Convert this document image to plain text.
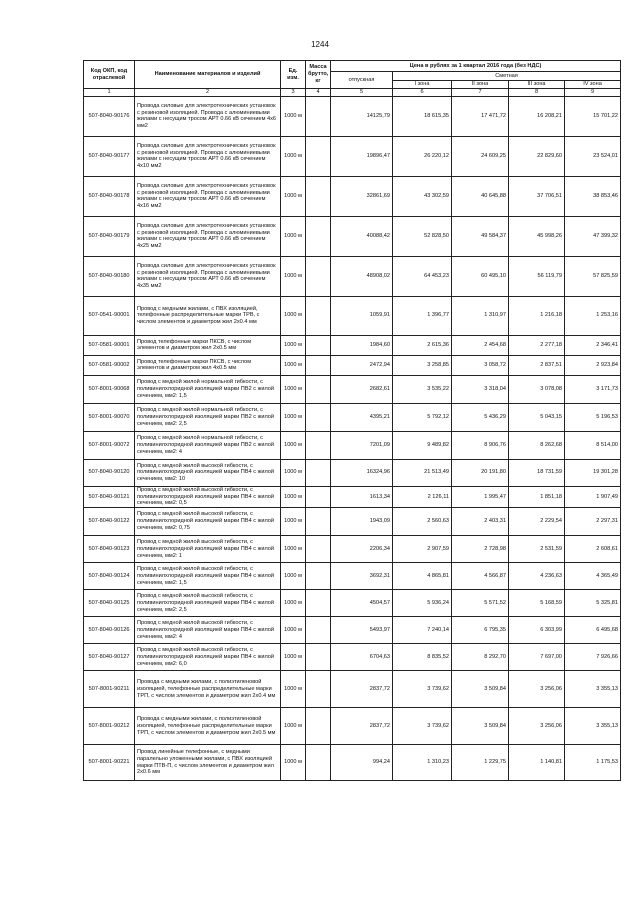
1244
Код ОКП, код отраслевой	Наименование материалов и изделий	Ед. изм.	Масса брутто, кг	Цена в рублях за 1 квартал 2016 года (без НДС)				
				отпускная	Сметная			
					I зона	II зона	III зона	IV зона
1	2	3	4	5	6	7	8	9
507-8040-90176	Провода силовые для электротехнических установок с резиновой изоляцией. Провода с алюминиевыми жилами с несущим тросом АРТ 0.66 кВ сечением 4х6 мм2	1000 м		14125,79	18 615,35	17 471,72	16 208,21	15 701,22
507-8040-90177	Провода силовые для электротехнических установок с резиновой изоляцией. Провода с алюминиевыми жилами с несущим тросом АРТ 0.66 кВ сечением 4х10 мм2	1000 м		19896,47	26 220,12	24 609,25	22 829,60	23 524,01
507-8040-90178	Провода силовые для электротехнических установок с резиновой изоляцией. Провода с алюминиевыми жилами с несущим тросом АРТ 0.66 кВ сечением 4х16 мм2	1000 м		32861,69	43 302,59	40 645,88	37 706,51	38 853,46
507-8040-90179	Провода силовые для электротехнических установок с резиновой изоляцией. Провода с алюминиевыми жилами с несущим тросом АРТ 0.66 кВ сечением 4х25 мм2	1000 м		40088,42	52 828,50	49 584,37	45 998,26	47 399,32
507-8040-90180	Провода силовые для электротехнических установок с резиновой изоляцией. Провода с алюминиевыми жилами с несущим тросом АРТ 0.66 кВ сечением 4х35 мм2	1000 м		48908,02	64 453,23	60 495,10	56 119,79	57 825,59
507-0541-90001	Провод с медными жилами, с ПВХ изоляцией, телефонные распределительные марки ТРВ, с числом элементов и диаметром жил 2х0.4 мм	1000 м		1059,91	1 396,77	1 310,97	1 216,18	1 253,16
507-0581-90001	Провод телефонные марки ПКСВ, с числом элементов и диаметром жил 2х0.5 мм	1000 м		1984,60	2 615,36	2 454,68	2 277,18	2 346,41
507-0581-90002	Провод телефонные марки ПКСВ, с числом элементов и диаметром жил 4х0.5 мм	1000 м		2472,94	3 258,85	3 058,72	2 837,51	2 923,84
507-8001-90068	Провод с медной жилой нормальной гибкости, с поливинилхлоридной изоляцией марки ПВ2 с жилой сечением, мм2: 1,5	1000 м		2682,61	3 535,22	3 318,04	3 078,08	3 171,73
507-8001-90070	Провод с медной жилой нормальной гибкости, с поливинилхлоридной изоляцией марки ПВ2 с жилой сечением, мм2: 2,5	1000 м		4395,21	5 792,12	5 436,29	5 043,15	5 196,53
507-8001-90072	Провод с медной жилой нормальной гибкости, с поливинилхлоридной изоляцией марки ПВ2 с жилой сечением, мм2: 4	1000 м		7201,09	9 489,82	8 906,76	8 262,68	8 514,00
507-8040-90120	Провод с медной жилой высокой гибкости, с поливинилхлоридной изоляцией марки ПВ4 с жилой сечением, мм2: 10	1000 м		16324,96	21 513,49	20 191,80	18 731,59	19 301,28
507-8040-90121	Провод с медной жилой высокой гибкости, с поливинилхлоридной изоляцией марки ПВ4 с жилой сечением, мм2: 0,5	1000 м		1613,34	2 126,11	1 995,47	1 851,18	1 907,49
507-8040-90122	Провод с медной жилой высокой гибкости, с поливинилхлоридной изоляцией марки ПВ4 с жилой сечением, мм2: 0,75	1000 м		1943,09	2 560,63	2 403,31	2 229,54	2 297,31
507-8040-90123	Провод с медной жилой высокой гибкости, с поливинилхлоридной изоляцией марки ПВ4 с жилой сечением, мм2: 1	1000 м		2206,34	2 907,59	2 728,98	2 531,59	2 608,61
507-8040-90124	Провод с медной жилой высокой гибкости, с поливинилхлоридной изоляцией марки ПВ4 с жилой сечением, мм2: 1,5	1000 м		3692,31	4 865,81	4 566,87	4 236,63	4 365,49
507-8040-90125	Провод с медной жилой высокой гибкости, с поливинилхлоридной изоляцией марки ПВ4 с жилой сечением, мм2: 2,5	1000 м		4504,57	5 936,24	5 571,52	5 168,59	5 325,81
507-8040-90126	Провод с медной жилой высокой гибкости, с поливинилхлоридной изоляцией марки ПВ4 с жилой сечением, мм2: 4	1000 м		5493,97	7 240,14	6 795,35	6 303,99	6 495,68
507-8040-90127	Провод с медной жилой высокой гибкости, с поливинилхлоридной изоляцией марки ПВ4 с жилой сечением, мм2: 6,0	1000 м		6704,63	8 835,52	8 292,70	7 697,00	7 926,66
507-8001-90211	Провода с медными жилами, с полиэтиленовой изоляцией, телефонные распределительные марки ТРП, с числом элементов и диаметром жил 2х0.4 мм	1000 м		2837,72	3 739,62	3 509,84	3 256,06	3 355,13
507-8001-90212	Провода с медными жилами, с полиэтиленовой изоляцией, телефонные распределительные марки ТРП, с числом элементов и диаметром жил 2х0.5 мм	1000 м		2837,72	3 739,62	3 509,84	3 256,06	3 355,13
507-8001-90221	Провод линейные телефонные, с медными паралельно уложенными жилами, с ПВХ изоляцией марки ПТВ-П, с числом элементов и диаметром жил 2х0.6 мм	1000 м		994,24	1 310,23	1 229,75	1 140,81	1 175,53
